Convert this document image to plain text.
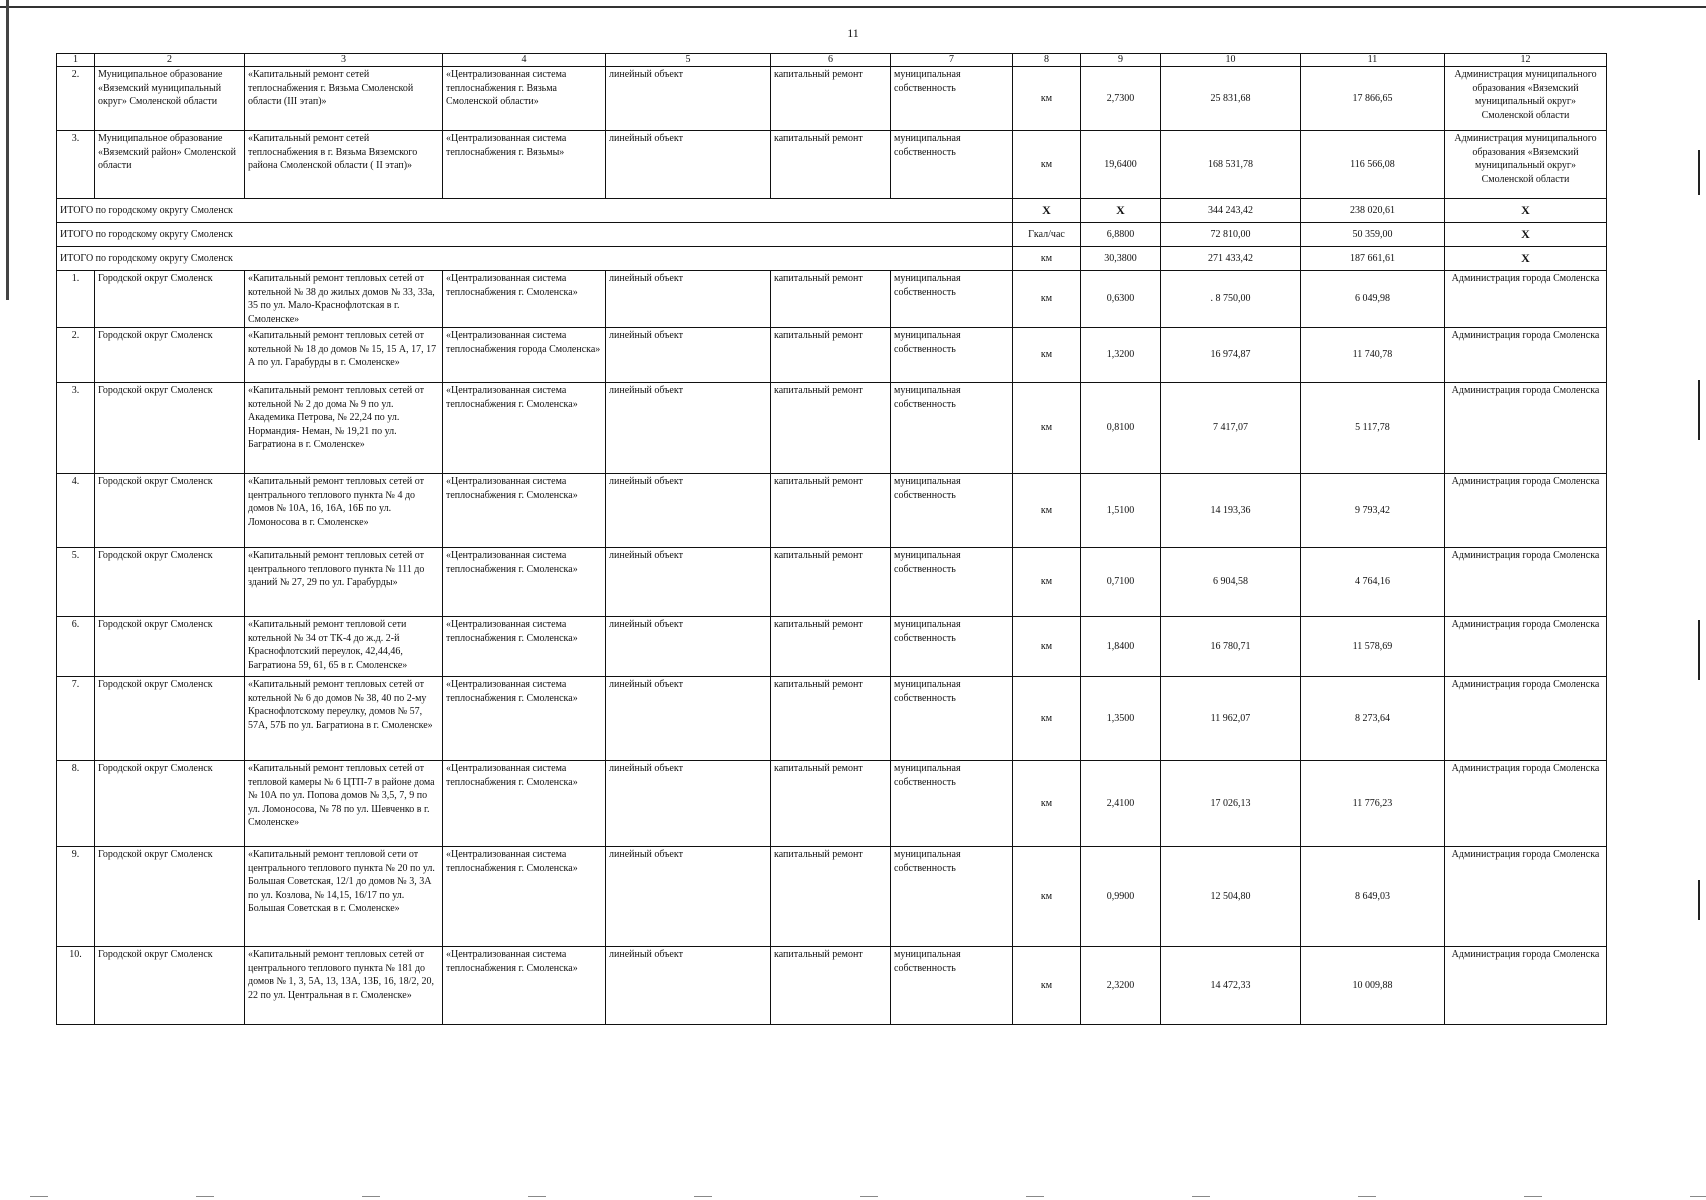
11
1	2	3	4	5	6	7	8	9	10	11	12
2.	Муниципальное образование «Вяземский муниципальный округ» Смоленской области	«Капитальный ремонт сетей теплоснабжения г. Вязьма Смоленской области (III этап)»	«Централизованная система теплоснабжения г. Вязьма Смоленской области»	линейный объект	капитальный ремонт	муниципальная собственность	км	2,7300	25 831,68	17 866,65	Администрация муниципального образования «Вяземский муниципальный округ» Смоленской области
3.	Муниципальное образование «Вяземский район» Смоленской области	«Капитальный ремонт сетей теплоснабжения в г. Вязьма Вяземского района Смоленской области ( II этап)»	«Централизованная система теплоснабжения г. Вязьмы»	линейный объект	капитальный ремонт	муниципальная собственность	км	19,6400	168 531,78	116 566,08	Администрация муниципального образования «Вяземский муниципальный округ» Смоленской области
ИТОГО по городскому округу Смоленск							Х	Х	344 243,42	238 020,61	Х
ИТОГО по городскому округу Смоленск							Гкал/час	6,8800	72 810,00	50 359,00	Х
ИТОГО по городскому округу Смоленск							км	30,3800	271 433,42	187 661,61	Х
1.	Городской округ Смоленск	«Капитальный ремонт тепловых сетей от котельной № 38 до жилых домов № 33, 33а, 35 по ул. Мало-Краснофлотская в г. Смоленске»	«Централизованная система теплоснабжения г. Смоленска»	линейный объект	капитальный ремонт	муниципальная собственность	км	0,6300	. 8 750,00	6 049,98	Администрация города Смоленска
2.	Городской округ Смоленск	«Капитальный ремонт тепловых сетей от котельной № 18 до домов № 15, 15 А, 17, 17 А по ул. Гарабурды в г. Смоленске»	«Централизованная система теплоснабжения города Смоленска»	линейный объект	капитальный ремонт	муниципальная собственность	км	1,3200	16 974,87	11 740,78	Администрация города Смоленска
3.	Городской округ Смоленск	«Капитальный ремонт тепловых сетей от котельной № 2 до дома № 9 по ул. Академика Петрова, № 22,24 по ул. Нормандия- Неман, № 19,21 по ул. Багратиона в г. Смоленске»	«Централизованная система теплоснабжения г. Смоленска»	линейный объект	капитальный ремонт	муниципальная собственность	км	0,8100	7 417,07	5 117,78	Администрация города Смоленска
4.	Городской округ Смоленск	«Капитальный ремонт тепловых сетей от центрального теплового пункта № 4 до домов № 10А, 16, 16А, 16Б по ул. Ломоносова в г. Смоленске»	«Централизованная система теплоснабжения г. Смоленска»	линейный объект	капитальный ремонт	муниципальная собственность	км	1,5100	14 193,36	9 793,42	Администрация города Смоленска
5.	Городской округ Смоленск	«Капитальный ремонт тепловых сетей от центрального теплового пункта № 111 до зданий № 27, 29 по ул. Гарабурды»	«Централизованная система теплоснабжения г. Смоленска»	линейный объект	капитальный ремонт	муниципальная собственность	км	0,7100	6 904,58	4 764,16	Администрация города Смоленска
6.	Городской округ Смоленск	«Капитальный ремонт тепловой сети котельной № 34 от ТК-4 до ж.д. 2-й Краснофлотский переулок, 42,44,46, Багратиона 59, 61, 65 в г. Смоленске»	«Централизованная система теплоснабжения г. Смоленска»	линейный объект	капитальный ремонт	муниципальная собственность	км	1,8400	16 780,71	11 578,69	Администрация города Смоленска
7.	Городской округ Смоленск	«Капитальный ремонт тепловых сетей от котельной № 6 до домов № 38, 40 по 2-му Краснофлотскому переулку, домов № 57, 57А, 57Б по ул. Багратиона в г. Смоленске»	«Централизованная система теплоснабжения г. Смоленска»	линейный объект	капитальный ремонт	муниципальная собственность	км	1,3500	11 962,07	8 273,64	Администрация города Смоленска
8.	Городской округ Смоленск	«Капитальный ремонт тепловых сетей от тепловой камеры № 6 ЦТП-7 в районе дома № 10А по ул. Попова домов № 3,5, 7, 9 по ул. Ломоносова, № 78 по ул. Шевченко в г. Смоленске»	«Централизованная система теплоснабжения г. Смоленска»	линейный объект	капитальный ремонт	муниципальная собственность	км	2,4100	17 026,13	11 776,23	Администрация города Смоленска
9.	Городской округ Смоленск	«Капитальный ремонт тепловой сети от центрального теплового пункта № 20 по ул. Большая Советская, 12/1 до домов № 3, 3А по ул. Козлова, № 14,15, 16/17 по ул. Большая Советская в г. Смоленске»	«Централизованная система теплоснабжения г. Смоленска»	линейный объект	капитальный ремонт	муниципальная собственность	км	0,9900	12 504,80	8 649,03	Администрация города Смоленска
10.	Городской округ Смоленск	«Капитальный ремонт тепловых сетей от центрального теплового пункта № 181 до домов № 1, 3, 5А, 13, 13А, 13Б, 16, 18/2, 20, 22 по ул. Центральная в г. Смоленске»	«Централизованная система теплоснабжения г. Смоленска»	линейный объект	капитальный ремонт	муниципальная собственность	км	2,3200	14 472,33	10 009,88	Администрация города Смоленска
